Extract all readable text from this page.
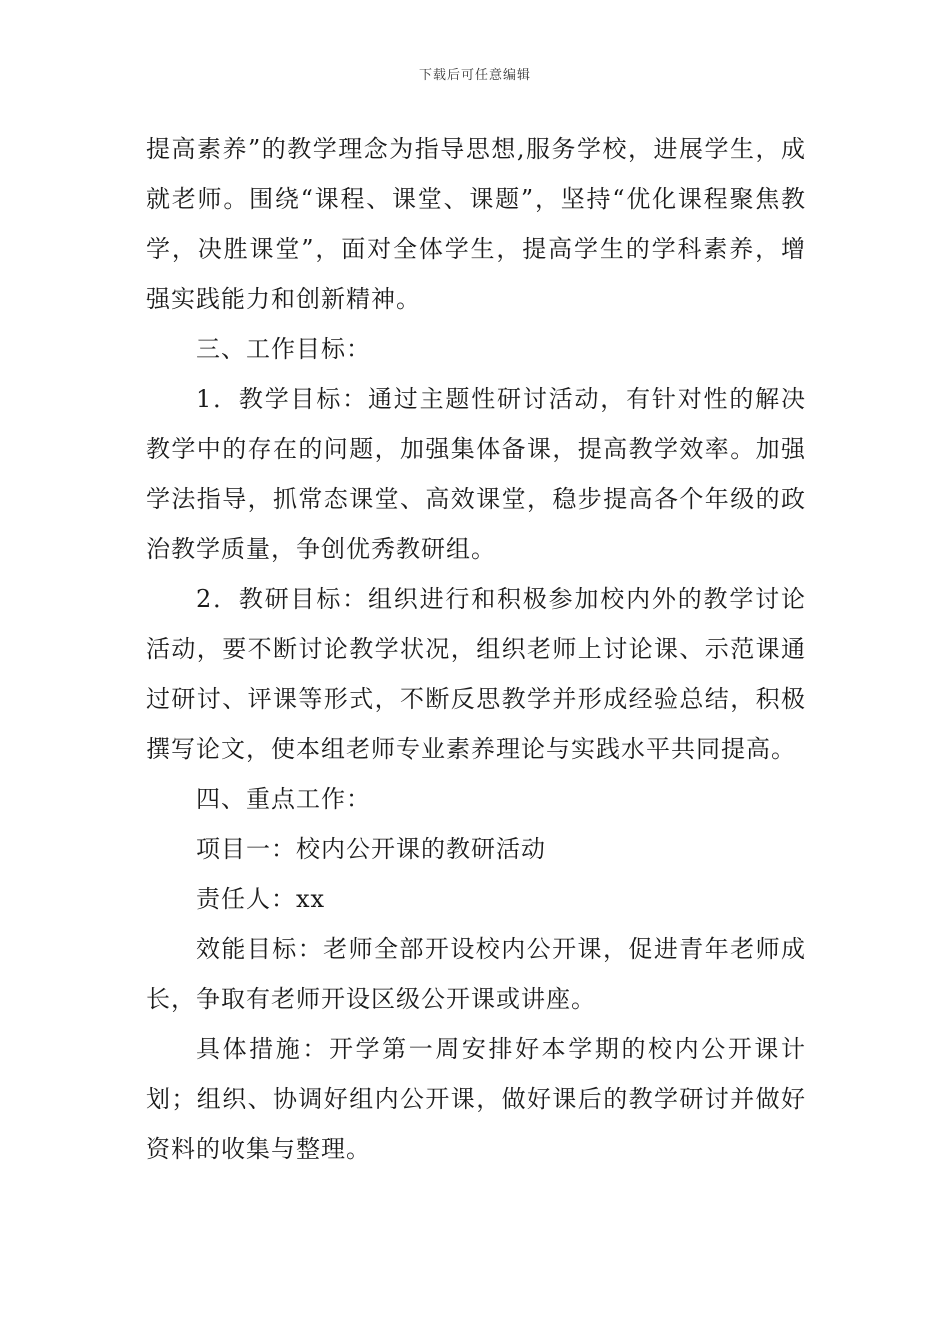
下载后可任意编辑

提高素养”的教学理念为指导思想,服务学校，进展学生，成就老师。围绕“课程、课堂、课题”，坚持“优化课程聚焦教学，决胜课堂”，面对全体学生，提高学生的学科素养，增强实践能力和创新精神。

三、工作目标：

1．教学目标：通过主题性研讨活动，有针对性的解决教学中的存在的问题，加强集体备课，提高教学效率。加强学法指导，抓常态课堂、高效课堂，稳步提高各个年级的政治教学质量，争创优秀教研组。

2．教研目标：组织进行和积极参加校内外的教学讨论活动，要不断讨论教学状况，组织老师上讨论课、示范课通过研讨、评课等形式，不断反思教学并形成经验总结，积极撰写论文，使本组老师专业素养理论与实践水平共同提高。

四、重点工作：

项目一：校内公开课的教研活动

责任人：xx

效能目标：老师全部开设校内公开课，促进青年老师成长，争取有老师开设区级公开课或讲座。

具体措施：开学第一周安排好本学期的校内公开课计划；组织、协调好组内公开课，做好课后的教学研讨并做好资料的收集与整理。
